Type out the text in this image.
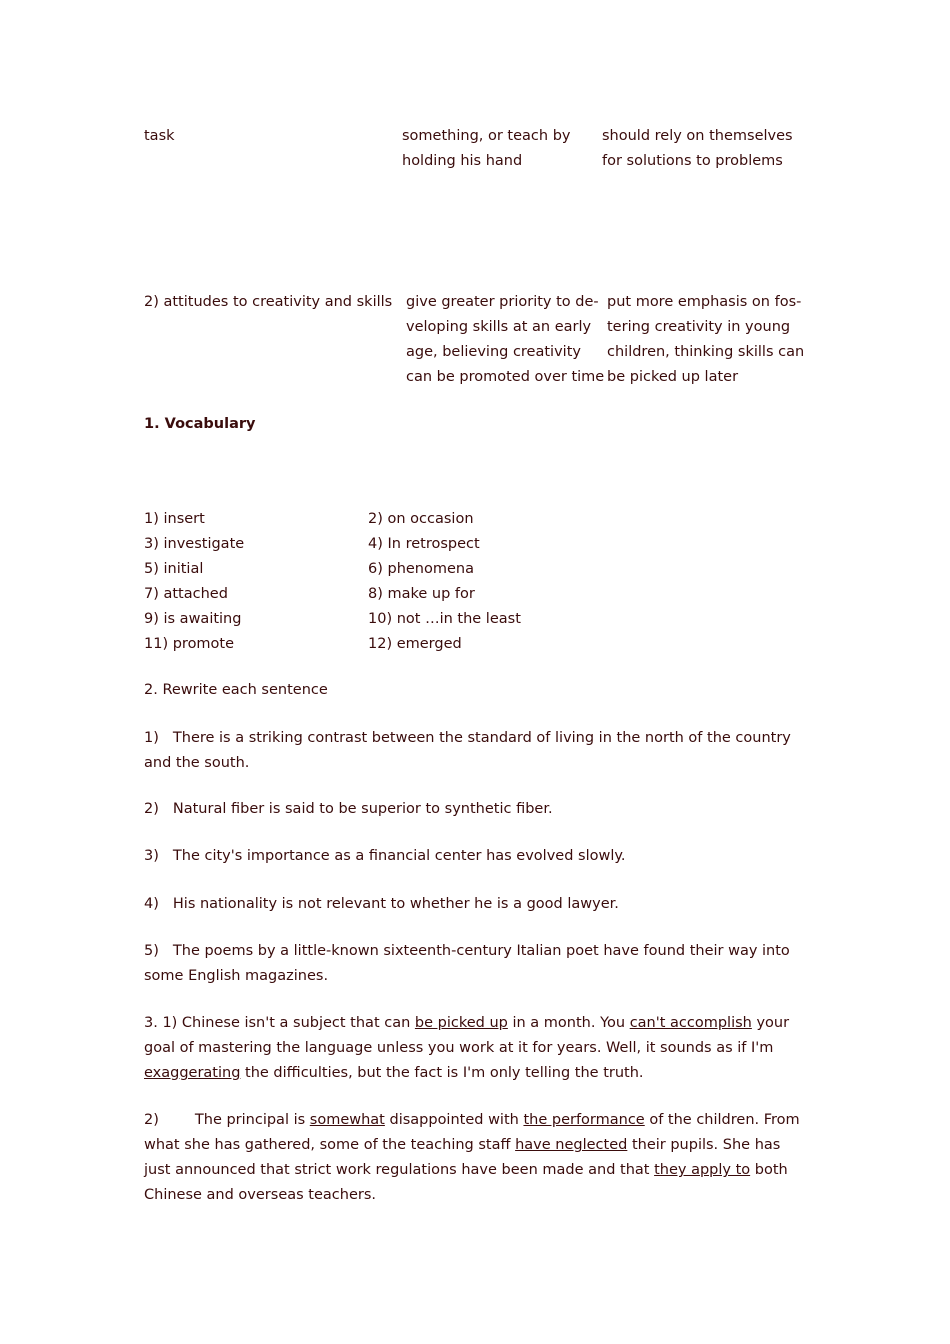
task	something, or teach by
holding his hand
should rely on themselves
for solutions to problems
2) attitudes to creativity and skills give greater priority to de-
veloping skills at an early
age, believing creativity
can be promoted over time
put more emphasis on fos-
tering creativity in young
children, thinking skills can
be picked up later
1. Vocabulary
1) insert
3) investigate
5) initial
7) attached
9) is awaiting
11) promote
2) on occasion
4) In retrospect
6) phenomena
8) make up for
10) not …in the least
12) emerged
2. Rewrite each sentence
1) There is a striking contrast between the standard of living in the north of the country and the south.
2) Natural fiber is said to be superior to synthetic fiber.
3) The city's importance as a financial center has evolved slowly.
4) His nationality is not relevant to whether he is a good lawyer.
5) The poems by a little-known sixteenth-century Italian poet have found their way into some English magazines.
3. 1) Chinese isn't a subject that can be picked up in a month. You can't accomplish your goal of mastering the language unless you work at it for years. Well, it sounds as if I'm exaggerating the difficulties, but the fact is I'm only telling the truth.
2) The principal is somewhat disappointed with the performance of the children. From what she has gathered, some of the teaching staff have neglected their pupils. She has just announced that strict work regulations have been made and that they apply to both Chinese and overseas teachers.
